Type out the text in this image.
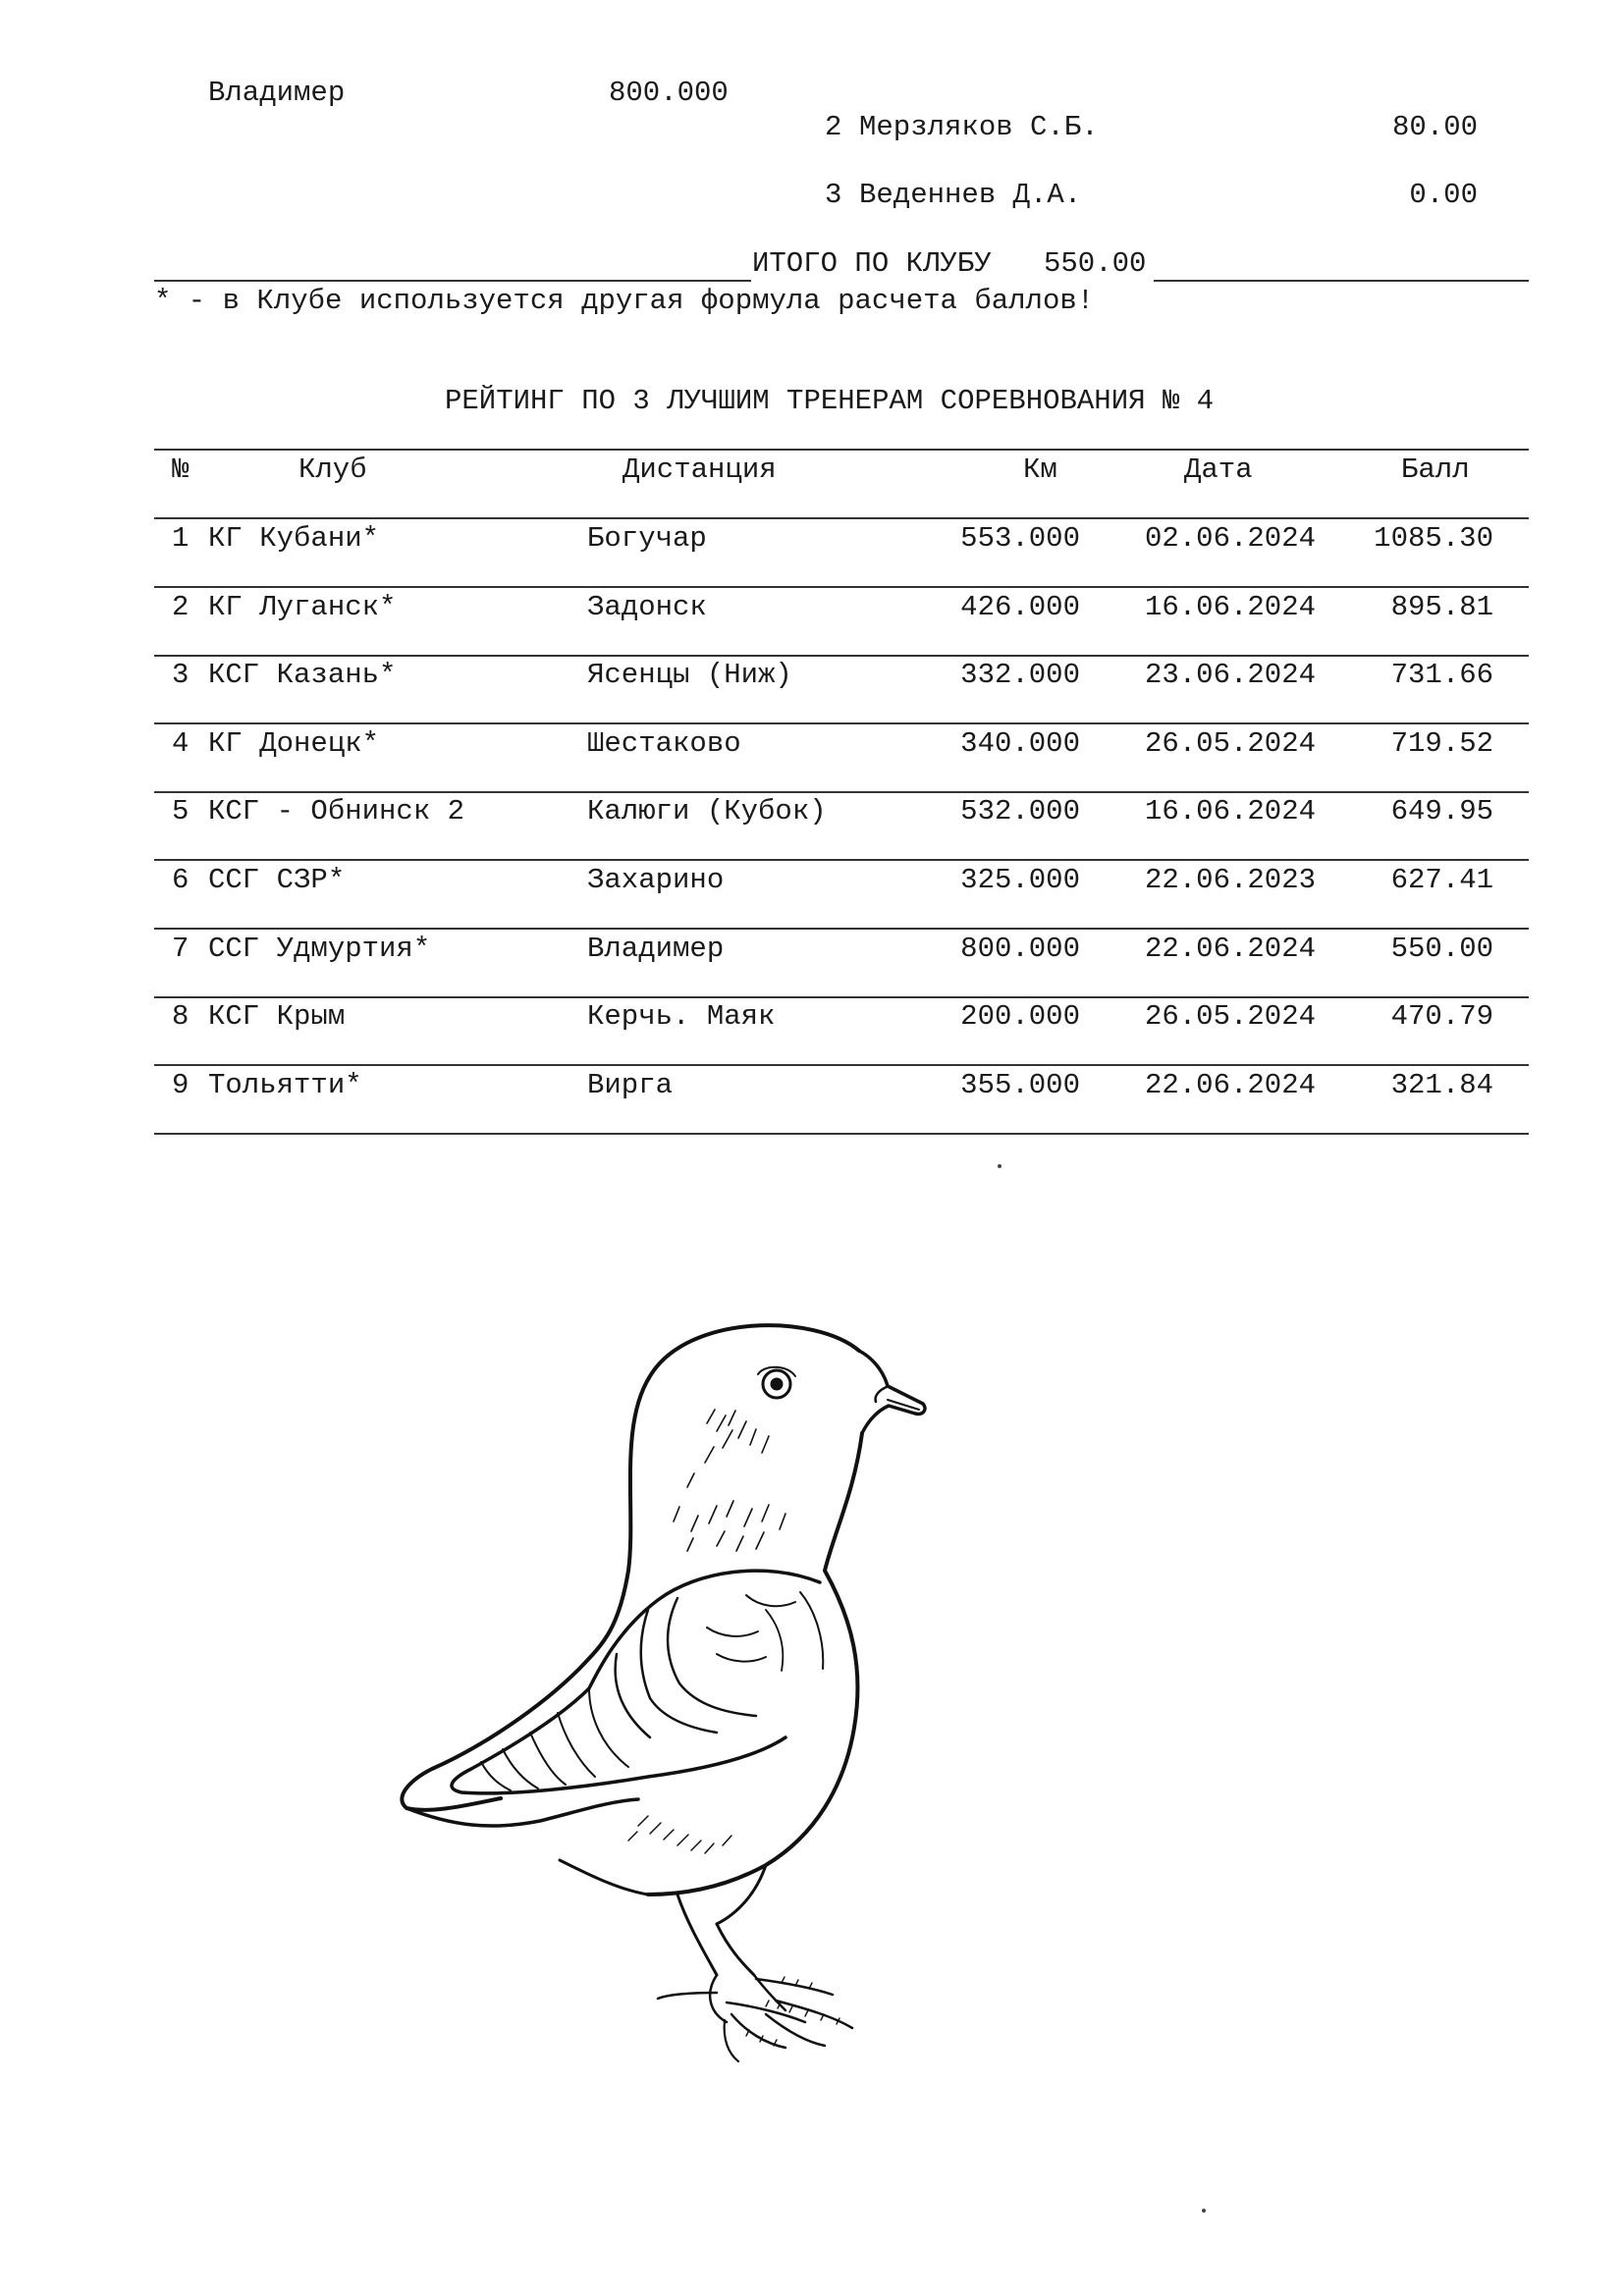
Владимер	800.000
2 Мерзляков С.Б.	80.00
3 Веденнев Д.А.	0.00
ИТОГО ПО КЛУБУ 550.00
* - в Клубе используется другая формула расчета баллов!
РЕЙТИНГ ПО 3 ЛУЧШИМ ТРЕНЕРАМ СОРЕВНОВАНИЯ № 4
№	Клуб	Дистанция	Км	Дата	Балл
1 КГ Кубани*	Богучар	553.000	02.06.2024	1085.30
2 КГ Луганск*	Задонск	426.000	16.06.2024	895.81
3 КСГ Казань*	Ясенцы (Ниж)	332.000	23.06.2024	731.66
4 КГ Донецк*	Шестаково	340.000	26.05.2024	719.52
5 КСГ - Обнинск 2	Калюги (Кубок)	532.000	16.06.2024	649.95
6 ССГ СЗР*	Захарино	325.000	22.06.2023	627.41
7 ССГ Удмуртия*	Владимер	800.000	22.06.2024	550.00
8 КСГ Крым	Керчь. Маяк	200.000	26.05.2024	470.79
9 Тольятти*	Вирга	355.000	22.06.2024	321.84
